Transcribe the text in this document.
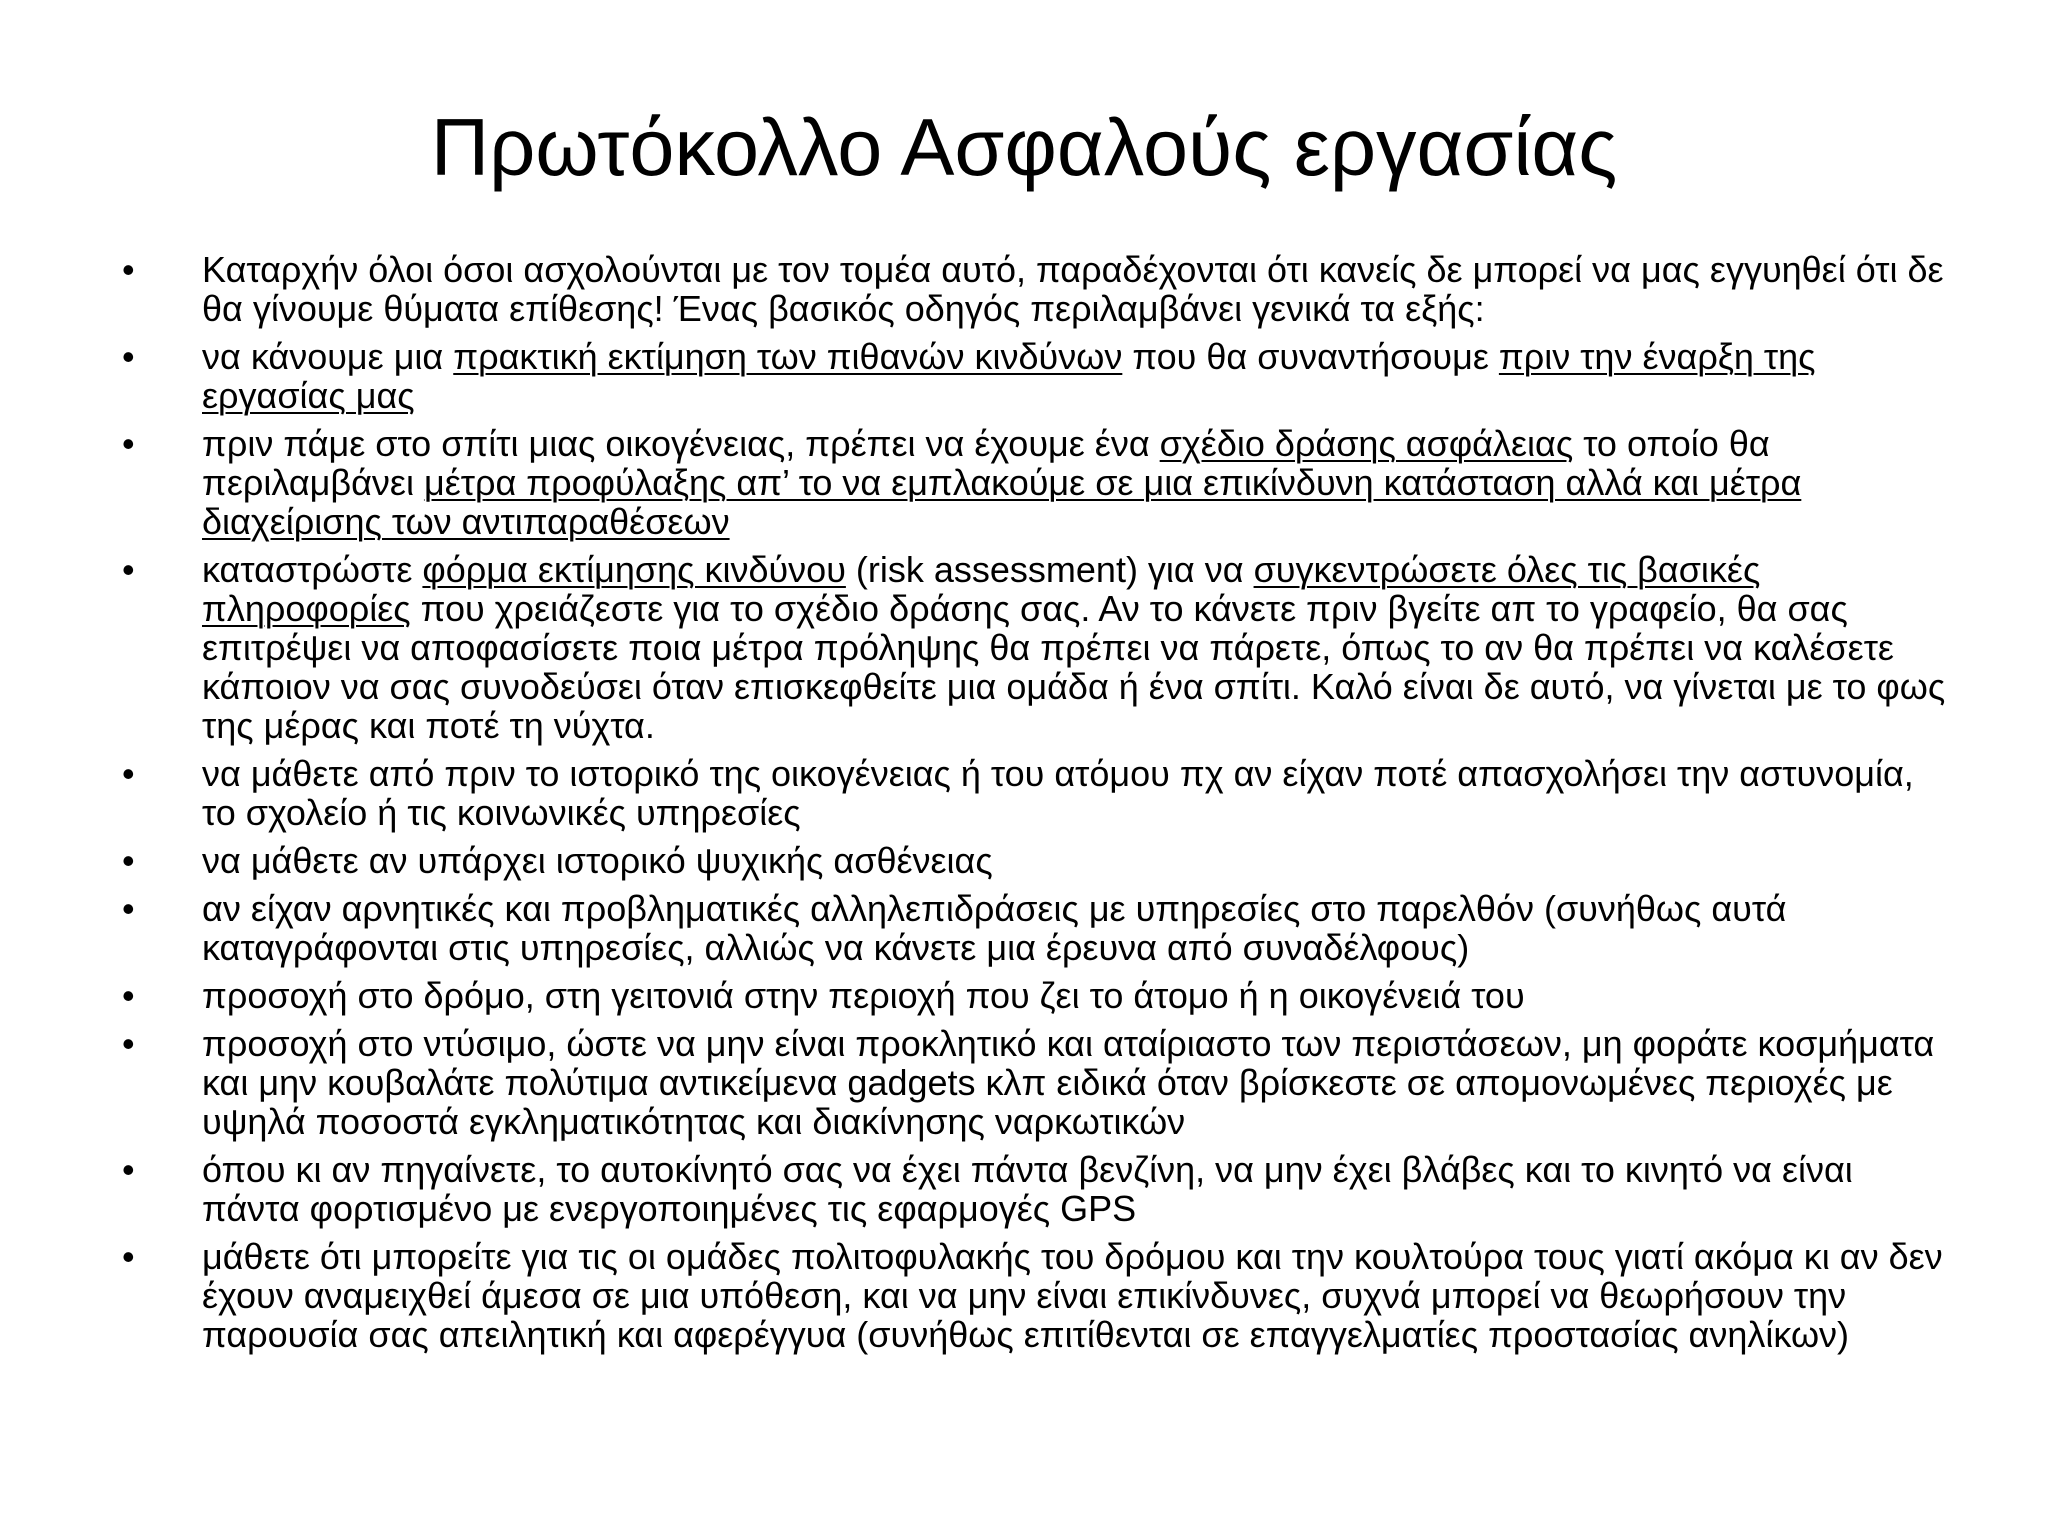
Πρωτόκολλο Ασφαλούς εργασίας
•	Καταρχήν όλοι όσοι ασχολούνται με τον τομέα αυτό, παραδέχονται ότι κανείς δε μπορεί να μας εγγυηθεί ότι δε θα γίνουμε θύματα επίθεσης! Ένας βασικός οδηγός περιλαμβάνει γενικά τα εξής:
•	να κάνουμε μια πρακτική εκτίμηση των πιθανών κινδύνων που θα συναντήσουμε πριν την έναρξη της εργασίας μας
•	πριν πάμε στο σπίτι μιας οικογένειας, πρέπει να έχουμε ένα σχέδιο δράσης ασφάλειας το οποίο θα περιλαμβάνει μέτρα προφύλαξης απ’ το να εμπλακούμε σε μια επικίνδυνη κατάσταση αλλά και μέτρα διαχείρισης των αντιπαραθέσεων
•	καταστρώστε φόρμα εκτίμησης κινδύνου (risk assessment) για να συγκεντρώσετε όλες τις βασικές πληροφορίες που χρειάζεστε για το σχέδιο δράσης σας. Αν το κάνετε πριν βγείτε απ το γραφείο, θα σας επιτρέψει να αποφασίσετε ποια μέτρα πρόληψης θα πρέπει να πάρετε, όπως το αν θα πρέπει να καλέσετε κάποιον να σας συνοδεύσει όταν επισκεφθείτε μια ομάδα ή ένα σπίτι. Καλό είναι δε αυτό, να γίνεται με το φως της μέρας και ποτέ τη νύχτα.
•	να μάθετε από πριν το ιστορικό της οικογένειας ή του ατόμου πχ αν είχαν ποτέ απασχολήσει την αστυνομία, το σχολείο ή τις κοινωνικές υπηρεσίες
•	να μάθετε αν υπάρχει ιστορικό ψυχικής ασθένειας
•	αν είχαν αρνητικές και προβληματικές αλληλεπιδράσεις με υπηρεσίες στο παρελθόν (συνήθως αυτά καταγράφονται στις υπηρεσίες, αλλιώς να κάνετε μια έρευνα από συναδέλφους)
•	προσοχή στο δρόμο, στη γειτονιά στην περιοχή που ζει το άτομο ή η οικογένειά του
•	προσοχή στο ντύσιμο, ώστε να μην είναι προκλητικό και αταίριαστο των περιστάσεων, μη φοράτε κοσμήματα και μην κουβαλάτε πολύτιμα αντικείμενα gadgets κλπ ειδικά όταν βρίσκεστε σε απομονωμένες περιοχές με υψηλά ποσοστά εγκληματικότητας και διακίνησης ναρκωτικών
•	όπου κι αν πηγαίνετε, το αυτοκίνητό σας να έχει πάντα βενζίνη, να μην έχει βλάβες και το κινητό να είναι πάντα φορτισμένο με ενεργοποιημένες τις εφαρμογές GPS
•	μάθετε ότι μπορείτε για τις οι ομάδες πολιτοφυλακής του δρόμου και την κουλτούρα τους γιατί ακόμα κι αν δεν έχουν αναμειχθεί άμεσα σε μια υπόθεση, και να μην είναι επικίνδυνες, συχνά μπορεί να θεωρήσουν την παρουσία σας απειλητική και αφερέγγυα (συνήθως επιτίθενται σε επαγγελματίες προστασίας ανηλίκων)
